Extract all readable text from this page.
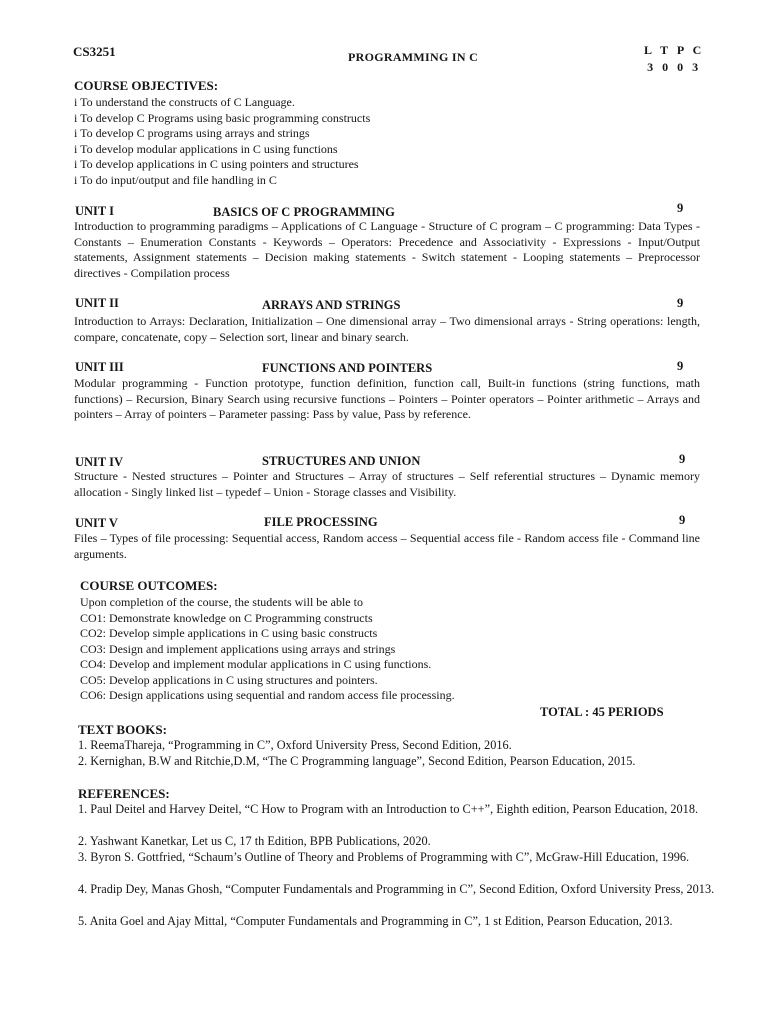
CS3251	PROGRAMMING IN C	L T P C
3 0 0 3
COURSE OBJECTIVES:
i To understand the constructs of C Language.
i To develop C Programs using basic programming constructs
i To develop C programs using arrays and strings
i To develop modular applications in C using functions
i To develop applications in C using pointers and structures
i To do input/output and file handling in C
UNIT I	BASICS OF C PROGRAMMING	9
Introduction to programming paradigms – Applications of C Language - Structure of C program – C programming: Data Types - Constants – Enumeration Constants - Keywords – Operators: Precedence and Associativity - Expressions - Input/Output statements, Assignment statements – Decision making statements - Switch statement - Looping statements – Preprocessor directives - Compilation process
UNIT II	ARRAYS AND STRINGS	9
Introduction to Arrays: Declaration, Initialization – One dimensional array – Two dimensional arrays - String operations: length, compare, concatenate, copy – Selection sort, linear and binary search.
UNIT III	FUNCTIONS AND POINTERS	9
Modular programming - Function prototype, function definition, function call, Built-in functions (string functions, math functions) – Recursion, Binary Search using recursive functions – Pointers – Pointer operators – Pointer arithmetic – Arrays and pointers – Array of pointers – Parameter passing: Pass by value, Pass by reference.
UNIT IV	STRUCTURES AND UNION	9
Structure - Nested structures – Pointer and Structures – Array of structures – Self referential structures – Dynamic memory allocation - Singly linked list – typedef – Union - Storage classes and Visibility.
UNIT V	FILE PROCESSING	9
Files – Types of file processing: Sequential access, Random access – Sequential access file - Random access file - Command line arguments.
COURSE OUTCOMES:
Upon completion of the course, the students will be able to
CO1: Demonstrate knowledge on C Programming constructs
CO2: Develop simple applications in C using basic constructs
CO3: Design and implement applications using arrays and strings
CO4: Develop and implement modular applications in C using functions.
CO5: Develop applications in C using structures and pointers.
CO6: Design applications using sequential and random access file processing.
TOTAL : 45 PERIODS
TEXT BOOKS:
1. ReemaThareja, “Programming in C”, Oxford University Press, Second Edition, 2016.
2. Kernighan, B.W and Ritchie,D.M, “The C Programming language”, Second Edition, Pearson Education, 2015.
REFERENCES:
1. Paul Deitel and Harvey Deitel, “C How to Program with an Introduction to C++”, Eighth edition, Pearson Education, 2018.
2. Yashwant Kanetkar, Let us C, 17 th Edition, BPB Publications, 2020.
3. Byron S. Gottfried, “Schaum’s Outline of Theory and Problems of Programming with C”, McGraw-Hill Education, 1996.
4. Pradip Dey, Manas Ghosh, “Computer Fundamentals and Programming in C”, Second Edition, Oxford University Press, 2013.
5. Anita Goel and Ajay Mittal, “Computer Fundamentals and Programming in C”, 1 st Edition, Pearson Education, 2013.
